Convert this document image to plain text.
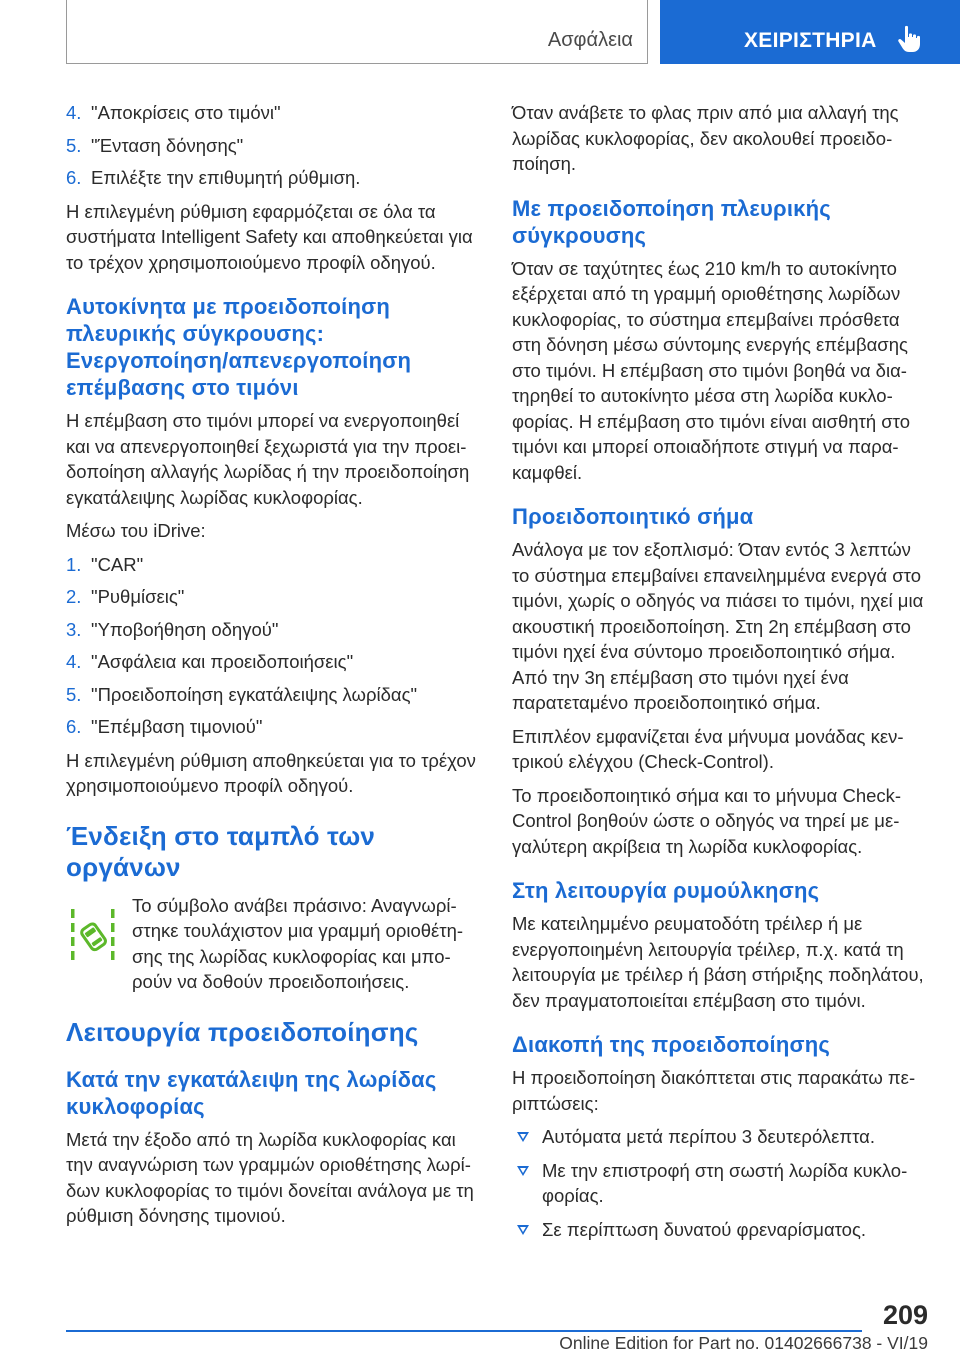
Ασφάλεια	ΧΕΙΡΙΣΤΗΡΙΑ
4. "Αποκρίσεις στο τιμόνι"
5. "Ένταση δόνησης"
6. Επιλέξτε την επιθυμητή ρύθμιση.

Η επιλεγμένη ρύθμιση εφαρμόζεται σε όλα τα συστήματα Intelligent Safety και αποθηκεύεται για το τρέχον χρησιμοποιούμενο προφίλ οδηγού.

Αυτοκίνητα με προειδοποίηση πλευρικής σύγκρουσης: Ενεργοποίηση/απενεργοποίηση επέμβασης στο τιμόνι

Η επέμβαση στο τιμόνι μπορεί να ενεργοποιηθεί και να απενεργοποιηθεί ξεχωριστά για την προειδοποίηση αλλαγής λωρίδας ή την προειδοποίηση εγκατάλειψης λωρίδας κυκλοφορίας.

Μέσω του iDrive:

1. "CAR"
2. "Ρυθμίσεις"
3. "Υποβοήθηση οδηγού"
4. "Ασφάλεια και προειδοποιήσεις"
5. "Προειδοποίηση εγκατάλειψης λωρίδας"
6. "Επέμβαση τιμονιού"

Η επιλεγμένη ρύθμιση αποθηκεύεται για το τρέχον χρησιμοποιούμενο προφίλ οδηγού.

Ένδειξη στο ταμπλό των οργάνων

Το σύμβολο ανάβει πράσινο: Αναγνωρίστηκε τουλάχιστον μια γραμμή οριοθέτησης της λωρίδας κυκλοφορίας και μπορούν να δοθούν προειδοποιήσεις.

Λειτουργία προειδοποίησης
Κατά την εγκατάλειψη της λωρίδας κυκλοφορίας

Μετά την έξοδο από τη λωρίδα κυκλοφορίας και την αναγνώριση των γραμμών οριοθέτησης λωρίδων κυκλοφορίας το τιμόνι δονείται ανάλογα με τη ρύθμιση δόνησης τιμονιού.

Όταν ανάβετε το φλας πριν από μια αλλαγή της λωρίδας κυκλοφορίας, δεν ακολουθεί προειδοποίηση.

Με προειδοποίηση πλευρικής σύγκρουσης

Όταν σε ταχύτητες έως 210 km/h το αυτοκίνητο εξέρχεται από τη γραμμή οριοθέτησης λωρίδων κυκλοφορίας, το σύστημα επεμβαίνει πρόσθετα στη δόνηση μέσω σύντομης ενεργής επέμβασης στο τιμόνι. Η επέμβαση στο τιμόνι βοηθά να διατηρηθεί το αυτοκίνητο μέσα στη λωρίδα κυκλοφορίας. Η επέμβαση στο τιμόνι είναι αισθητή στο τιμόνι και μπορεί οποιαδήποτε στιγμή να παρακαμφθεί.

Προειδοποιητικό σήμα

Ανάλογα με τον εξοπλισμό: Όταν εντός 3 λεπτών το σύστημα επεμβαίνει επανειλημμένα ενεργά στο τιμόνι, χωρίς ο οδηγός να πιάσει το τιμόνι, ηχεί μια ακουστική προειδοποίηση. Στη 2η επέμβαση στο τιμόνι ηχεί ένα σύντομο προειδοποιητικό σήμα. Από την 3η επέμβαση στο τιμόνι ηχεί ένα παρατεταμένο προειδοποιητικό σήμα.

Επιπλέον εμφανίζεται ένα μήνυμα μονάδας κεντρικού ελέγχου (Check-Control).

Το προειδοποιητικό σήμα και το μήνυμα Check-Control βοηθούν ώστε ο οδηγός να τηρεί με μεγαλύτερη ακρίβεια τη λωρίδα κυκλοφορίας.

Στη λειτουργία ρυμούλκησης

Με κατειλημμένο ρευματοδότη τρέιλερ ή με ενεργοποιημένη λειτουργία τρέιλερ, π.χ. κατά τη λειτουργία με τρέιλερ ή βάση στήριξης ποδηλάτου, δεν πραγματοποιείται επέμβαση στο τιμόνι.

Διακοπή της προειδοποίησης

Η προειδοποίηση διακόπτεται στις παρακάτω περιπτώσεις:

Αυτόματα μετά περίπου 3 δευτερόλεπτα.
Με την επιστροφή στη σωστή λωρίδα κυκλοφορίας.
Σε περίπτωση δυνατού φρεναρίσματος.
209
Online Edition for Part no. 01402666738 - VI/19
